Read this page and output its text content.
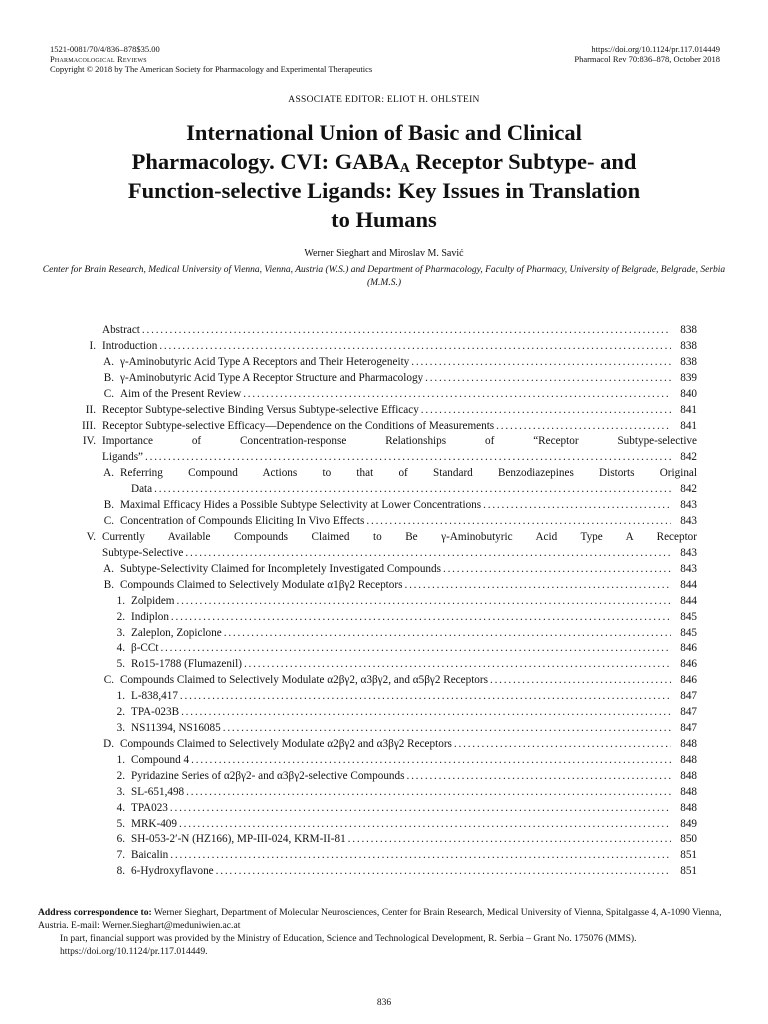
1521-0081/70/4/836–878$35.00
Pharmacological Reviews
Copyright © 2018 by The American Society for Pharmacology and Experimental Therapeutics
https://doi.org/10.1124/pr.117.014449
Pharmacol Rev 70:836–878, October 2018
ASSOCIATE EDITOR: ELIOT H. OHLSTEIN
International Union of Basic and Clinical
Pharmacology. CVI: $GABA_A$ Receptor Subtype- and
Function-selective Ligands: Key Issues in Translation
to Humans
Werner Sieghart and Miroslav M. Savić
Center for Brain Research, Medical University of Vienna, Vienna, Austria (W.S.) and Department of Pharmacology, Faculty of Pharmacy, University of Belgrade, Belgrade, Serbia (M.M.S.)
Abstract . . .	838
I. Introduction . . .	838
A. γ-Aminobutyric Acid Type A Receptors and Their Heterogeneity . . .	838
B. γ-Aminobutyric Acid Type A Receptor Structure and Pharmacology . . .	839
C. Aim of the Present Review . . .	840
II. Receptor Subtype-selective Binding Versus Subtype-selective Efficacy . . .	841
III. Receptor Subtype-selective Efficacy—Dependence on the Conditions of Measurements . . .	841
IV. Importance of Concentration-response Relationships of “Receptor Subtype-selective
Ligands” . . .	842
A. Referring Compound Actions to that of Standard Benzodiazepines Distorts Original
Data . . .	842
B. Maximal Efficacy Hides a Possible Subtype Selectivity at Lower Concentrations . . .	843
C. Concentration of Compounds Eliciting In Vivo Effects . . .	843
V. Currently Available Compounds Claimed to Be γ-Aminobutyric Acid Type A Receptor
Subtype-Selective . . .	843
A. Subtype-Selectivity Claimed for Incompletely Investigated Compounds . . .	843
B. Compounds Claimed to Selectively Modulate α1βγ2 Receptors . . .	844
1. Zolpidem . . .	844
2. Indiplon . . .	845
3. Zaleplon, Zopiclone . . .	845
4. β-CCt . . .	846
5. Ro15-1788 (Flumazenil) . . .	846
C. Compounds Claimed to Selectively Modulate α2βγ2, α3βγ2, and α5βγ2 Receptors . . .	846
1. L-838,417 . . .	847
2. TPA-023B . . .	847
3. NS11394, NS16085 . . .	847
D. Compounds Claimed to Selectively Modulate α2βγ2 and α3βγ2 Receptors . . .	848
1. Compound 4 . . .	848
2. Pyridazine Series of α2βγ2- and α3βγ2-selective Compounds . . .	848
3. SL-651,498 . . .	848
4. TPA023 . . .	848
5. MRK-409 . . .	849
6. SH-053-2′-N (HZ166), MP-III-024, KRM-II-81 . . .	850
7. Baicalin . . .	851
8. 6-Hydroxyflavone . . .	851

Address correspondence to: Werner Sieghart, Department of Molecular Neurosciences, Center for Brain Research, Medical University of Vienna, Spitalgasse 4, A-1090 Vienna, Austria. E-mail: Werner.Sieghart@meduniwien.ac.at

In part, financial support was provided by the Ministry of Education, Science and Technological Development, R. Serbia – Grant No. 175076 (MMS).

https://doi.org/10.1124/pr.117.014449.

836
